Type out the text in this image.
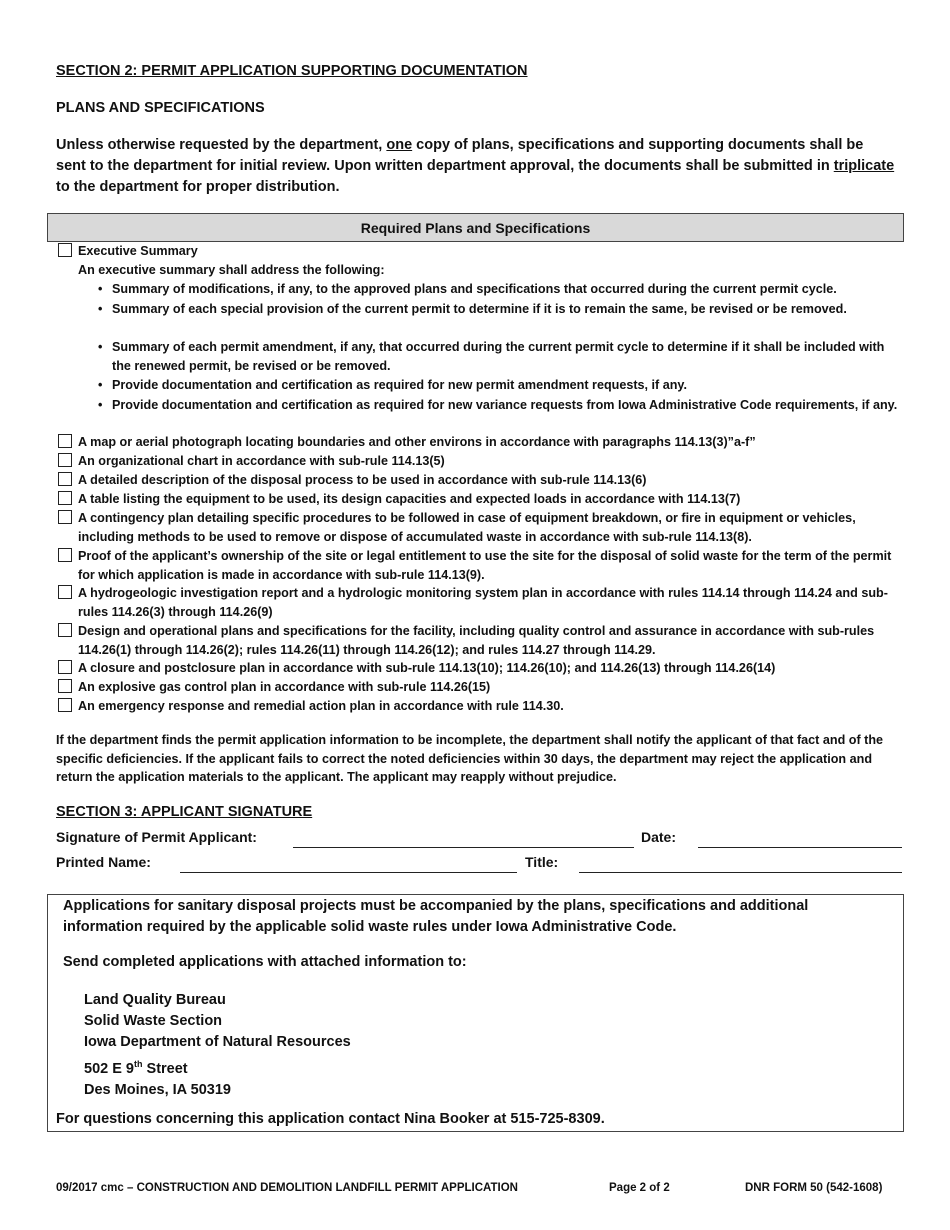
SECTION 2: PERMIT APPLICATION SUPPORTING DOCUMENTATION
PLANS AND SPECIFICATIONS
Unless otherwise requested by the department, one copy of plans, specifications and supporting documents shall be sent to the department for initial review. Upon written department approval, the documents shall be submitted in triplicate to the department for proper distribution.
Required Plans and Specifications
Executive Summary
An executive summary shall address the following:
• Summary of modifications, if any, to the approved plans and specifications that occurred during the current permit cycle.
• Summary of each special provision of the current permit to determine if it is to remain the same, be revised or be removed.
• Summary of each permit amendment, if any, that occurred during the current permit cycle to determine if it shall be included with the renewed permit, be revised or be removed.
• Provide documentation and certification as required for new permit amendment requests, if any.
• Provide documentation and certification as required for new variance requests from Iowa Administrative Code requirements, if any.
A map or aerial photograph locating boundaries and other environs in accordance with paragraphs 114.13(3)”a-f”
An organizational chart in accordance with sub-rule 114.13(5)
A detailed description of the disposal process to be used in accordance with sub-rule 114.13(6)
A table listing the equipment to be used, its design capacities and expected loads in accordance with 114.13(7)
A contingency plan detailing specific procedures to be followed in case of equipment breakdown, or fire in equipment or vehicles, including methods to be used to remove or dispose of accumulated waste in accordance with sub-rule 114.13(8).
Proof of the applicant’s ownership of the site or legal entitlement to use the site for the disposal of solid waste for the term of the permit for which application is made in accordance with sub-rule 114.13(9).
A hydrogeologic investigation report and a hydrologic monitoring system plan in accordance with rules 114.14 through 114.24 and sub-rules 114.26(3) through 114.26(9)
Design and operational plans and specifications for the facility, including quality control and assurance in accordance with sub-rules 114.26(1) through 114.26(2); rules 114.26(11) through 114.26(12); and rules 114.27 through 114.29.
A closure and postclosure plan in accordance with sub-rule 114.13(10); 114.26(10); and 114.26(13) through 114.26(14)
An explosive gas control plan in accordance with sub-rule 114.26(15)
An emergency response and remedial action plan in accordance with rule 114.30.
If the department finds the permit application information to be incomplete, the department shall notify the applicant of that fact and of the specific deficiencies. If the applicant fails to correct the noted deficiencies within 30 days, the department may reject the application and return the application materials to the applicant. The applicant may reapply without prejudice.
SECTION 3: APPLICANT SIGNATURE
Signature of Permit Applicant:	Date:
Printed Name:	Title:
Applications for sanitary disposal projects must be accompanied by the plans, specifications and additional information required by the applicable solid waste rules under Iowa Administrative Code.
Send completed applications with attached information to:
Land Quality Bureau
Solid Waste Section
Iowa Department of Natural Resources
502 E 9th Street
Des Moines, IA 50319
For questions concerning this application contact Nina Booker at 515-725-8309.
09/2017 cmc – CONSTRUCTION AND DEMOLITION LANDFILL PERMIT APPLICATION	Page 2 of 2	DNR FORM 50 (542-1608)
